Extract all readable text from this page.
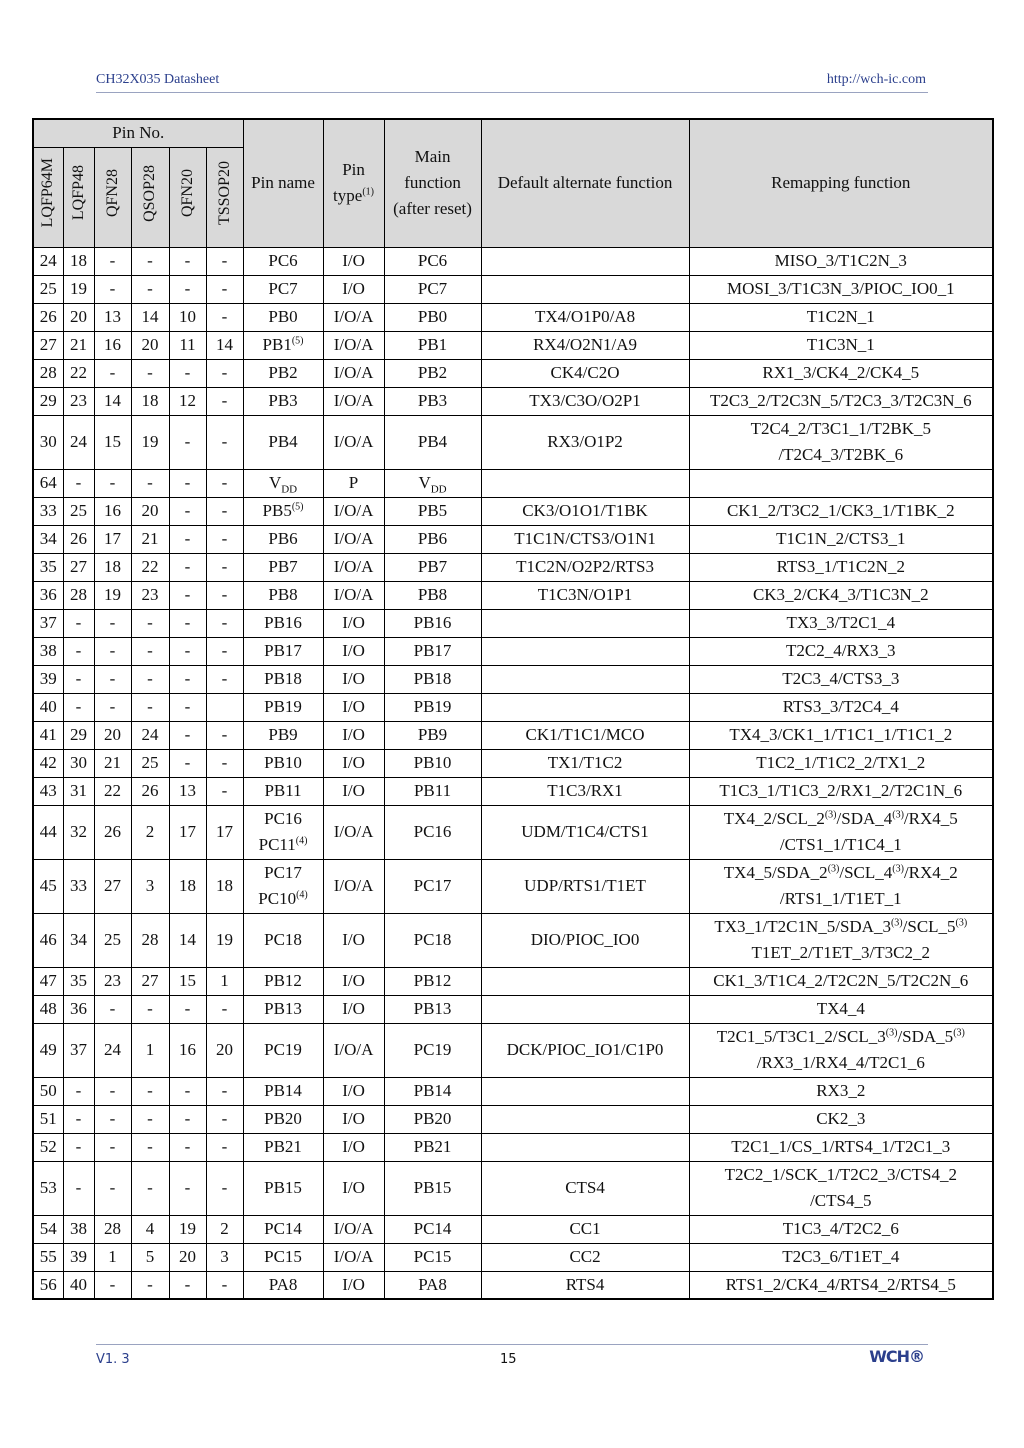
CH32X035 Datasheet	http://wch-ic.com
Pin No.						Pin name	Pin type$^{(1)}$	Main function (after reset)	Default alternate function	Remapping function
LQFP64M	LQFP48	QFN28	QSOP28	QFN20	TSSOP20					
24	18	-	-	-	-	PC6	I/O	PC6		MISO_3/T1C2N_3
25	19	-	-	-	-	PC7	I/O	PC7		MOSI_3/T1C3N_3/PIOC_IO0_1
26	20	13	14	10	-	PB0	I/O/A	PB0	TX4/O1P0/A8	T1C2N_1
27	21	16	20	11	14	PB1$^{(5)}$	I/O/A	PB1	RX4/O2N1/A9	T1C3N_1
28	22	-	-	-	-	PB2	I/O/A	PB2	CK4/C2O	RX1_3/CK4_2/CK4_5
29	23	14	18	12	-	PB3	I/O/A	PB3	TX3/C3O/O2P1	T2C3_2/T2C3N_5/T2C3_3/T2C3N_6
30	24	15	19	-	-	PB4	I/O/A	PB4	RX3/O1P2	T2C4_2/T3C1_1/T2BK_5
/T2C4_3/T2BK_6
64	-	-	-	-	-	$V_{DD}$	P	$V_{DD}$		
33	25	16	20	-	-	PB5$^{(5)}$	I/O/A	PB5	CK3/O1O1/T1BK	CK1_2/T3C2_1/CK3_1/T1BK_2
34	26	17	21	-	-	PB6	I/O/A	PB6	T1C1N/CTS3/O1N1	T1C1N_2/CTS3_1
35	27	18	22	-	-	PB7	I/O/A	PB7	T1C2N/O2P2/RTS3	RTS3_1/T1C2N_2
36	28	19	23	-	-	PB8	I/O/A	PB8	T1C3N/O1P1	CK3_2/CK4_3/T1C3N_2
37	-	-	-	-	-	PB16	I/O	PB16		TX3_3/T2C1_4
38	-	-	-	-	-	PB17	I/O	PB17		T2C2_4/RX3_3
39	-	-	-	-	-	PB18	I/O	PB18		T2C3_4/CTS3_3
40	-	-	-	-		PB19	I/O	PB19		RTS3_3/T2C4_4
41	29	20	24	-	-	PB9	I/O	PB9	CK1/T1C1/MCO	TX4_3/CK1_1/T1C1_1/T1C1_2
42	30	21	25	-	-	PB10	I/O	PB10	TX1/T1C2	T1C2_1/T1C2_2/TX1_2
43	31	22	26	13	-	PB11	I/O	PB11	T1C3/RX1	T1C3_1/T1C3_2/RX1_2/T2C1N_6
44	32	26	2	17	17	PC16
PC11$^{(4)}$	I/O/A	PC16	UDM/T1C4/CTS1	TX4_2/SCL_2$^{(3)}$/SDA_4$^{(3)}$/RX4_5
/CTS1_1/T1C4_1
45	33	27	3	18	18	PC17
PC10$^{(4)}$	I/O/A	PC17	UDP/RTS1/T1ET	TX4_5/SDA_2$^{(3)}$/SCL_4$^{(3)}$/RX4_2
/RTS1_1/T1ET_1
46	34	25	28	14	19	PC18	I/O	PC18	DIO/PIOC_IO0	TX3_1/T2C1N_5/SDA_3$^{(3)}$/SCL_5$^{(3)}$
T1ET_2/T1ET_3/T3C2_2
47	35	23	27	15	1	PB12	I/O	PB12		CK1_3/T1C4_2/T2C2N_5/T2C2N_6
48	36	-	-	-	-	PB13	I/O	PB13		TX4_4
49	37	24	1	16	20	PC19	I/O/A	PC19	DCK/PIOC_IO1/C1P0	T2C1_5/T3C1_2/SCL_3$^{(3)}$/SDA_5$^{(3)}$
/RX3_1/RX4_4/T2C1_6
50	-	-	-	-	-	PB14	I/O	PB14		RX3_2
51	-	-	-	-	-	PB20	I/O	PB20		CK2_3
52	-	-	-	-	-	PB21	I/O	PB21		T2C1_1/CS_1/RTS4_1/T2C1_3
53	-	-	-	-	-	PB15	I/O	PB15	CTS4	T2C2_1/SCK_1/T2C2_3/CTS4_2
/CTS4_5
54	38	28	4	19	2	PC14	I/O/A	PC14	CC1	T1C3_4/T2C2_6
55	39	1	5	20	3	PC15	I/O/A	PC15	CC2	T2C3_6/T1ET_4
56	40	-	-	-	-	PA8	I/O	PA8	RTS4	RTS1_2/CK4_4/RTS4_2/RTS4_5
V1. 3	15	WCH®
